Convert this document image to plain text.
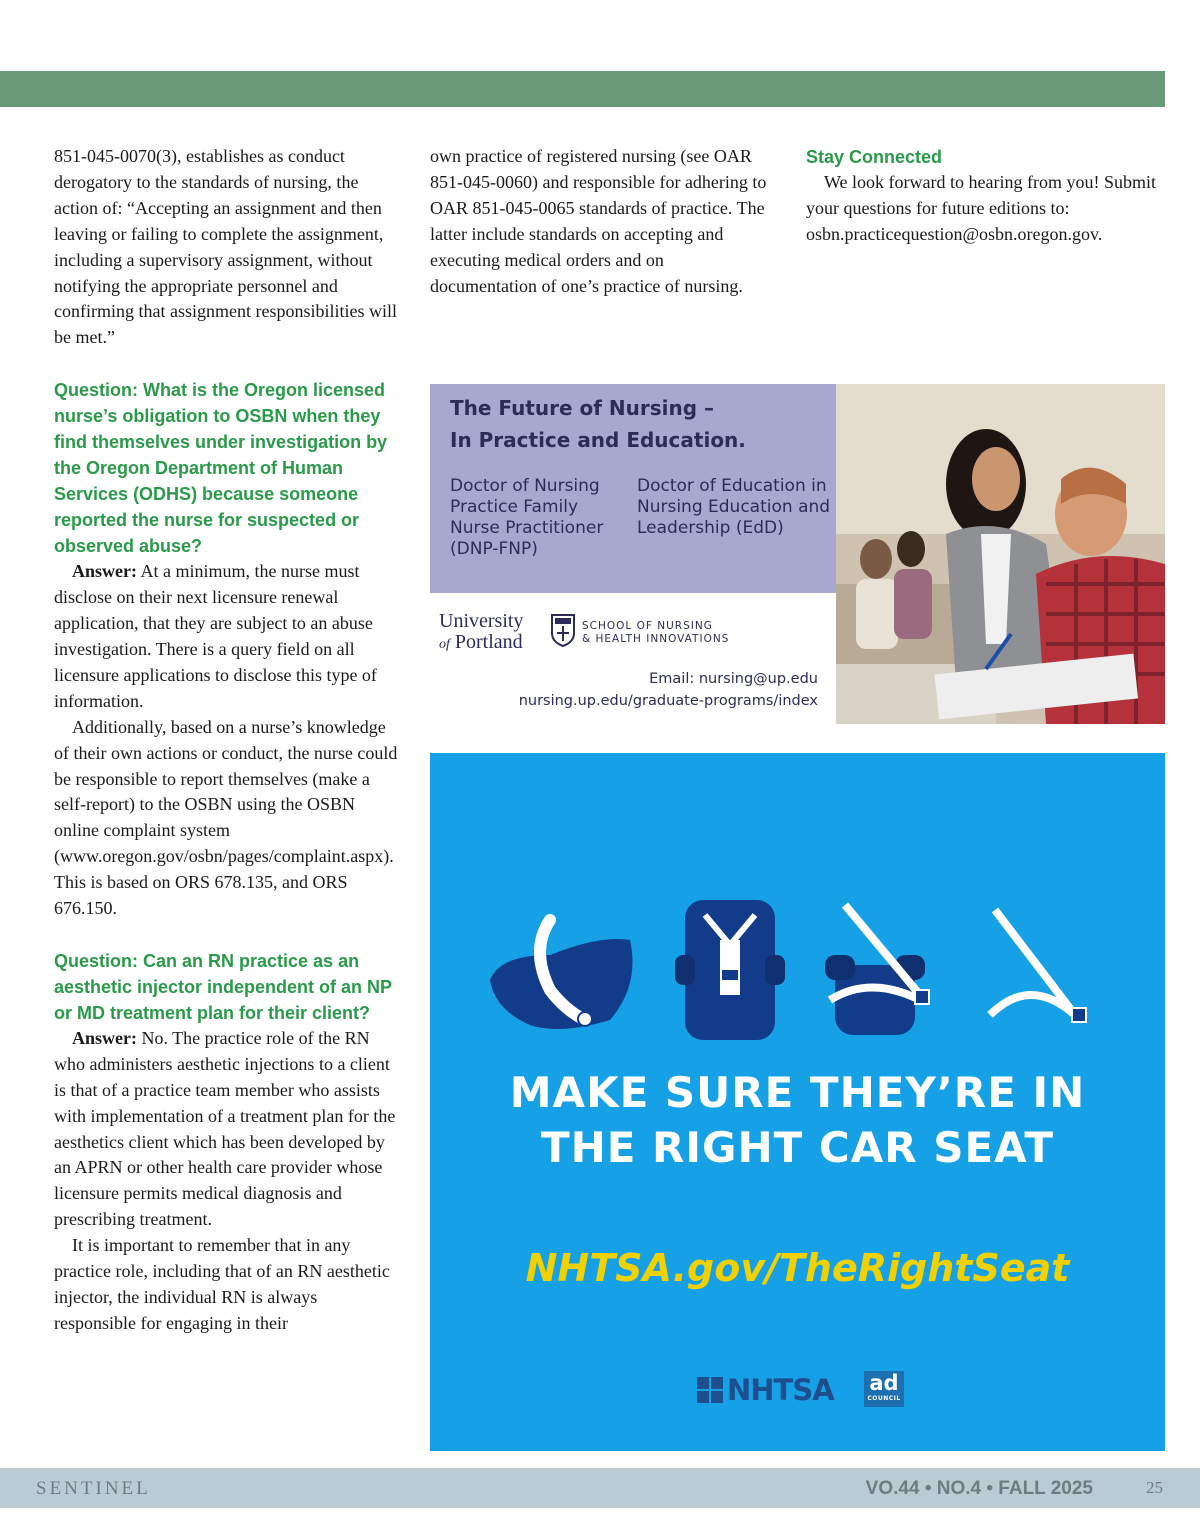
851-045-0070(3), establishes as conduct derogatory to the standards of nursing, the action of: “Accepting an assignment and then leaving or failing to complete the assignment, including a supervisory assignment, without notifying the appropriate personnel and confirming that assignment responsibilities will be met.”

Question: What is the Oregon licensed nurse’s obligation to OSBN when they find themselves under investigation by the Oregon Department of Human Services (ODHS) because someone reported the nurse for suspected or observed abuse?

Answer: At a minimum, the nurse must disclose on their next licensure renewal application, that they are subject to an abuse investigation. There is a query field on all licensure applications to disclose this type of information.

Additionally, based on a nurse’s knowledge of their own actions or conduct, the nurse could be responsible to report themselves (make a self-report) to the OSBN using the OSBN online complaint system (www.oregon.gov/osbn/pages/complaint.aspx). This is based on ORS 678.135, and ORS 676.150.

Question: Can an RN practice as an aesthetic injector independent of an NP or MD treatment plan for their client?

Answer: No. The practice role of the RN who administers aesthetic injections to a client is that of a practice team member who assists with implementation of a treatment plan for the aesthetics client which has been developed by an APRN or other health care provider whose licensure permits medical diagnosis and prescribing treatment.

It is important to remember that in any practice role, including that of an RN aesthetic injector, the individual RN is always responsible for engaging in their

own practice of registered nursing (see OAR 851-045-0060) and responsible for adhering to OAR 851-045-0065 standards of practice. The latter include standards on accepting and executing medical orders and on documentation of one’s practice of nursing.

Stay Connected

We look forward to hearing from you! Submit your questions for future editions to:

osbn.practicequestion@osbn.oregon.gov.

The Future of Nursing –
In Practice and Education.
Doctor of Nursing Practice Family Nurse Practitioner (DNP-FNP)
Doctor of Education in Nursing Education and Leadership (EdD)
University
of Portland
SCHOOL OF NURSING
& HEALTH INNOVATIONS
Email: nursing@up.edu
nursing.up.edu/graduate-programs/index
MAKE SURE THEY’RE IN
THE RIGHT CAR SEAT
NHTSA.gov/TheRightSeat
NHTSA ad
COUNCIL
SENTINEL	VO.44 • NO.4 • FALL 2025	25
